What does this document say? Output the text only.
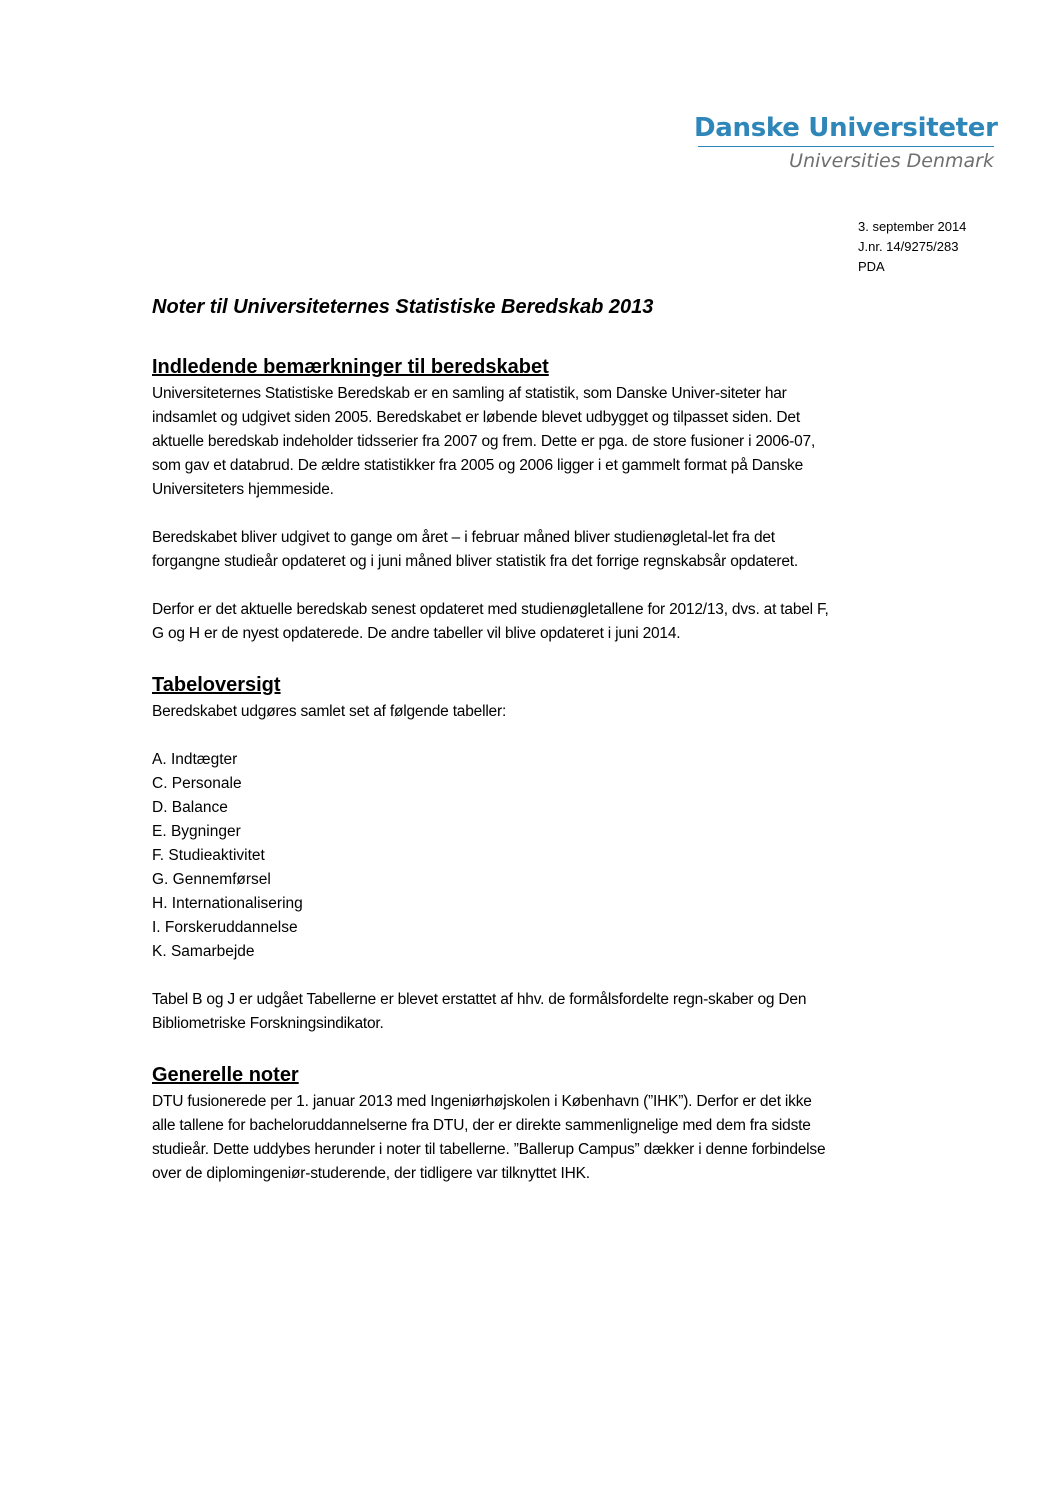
Danske Universiteter
Universities Denmark
3. september 2014
J.nr. 14/9275/283
PDA
Noter til Universiteternes Statistiske Beredskab 2013
Indledende bemærkninger til beredskabet

Universiteternes Statistiske Beredskab er en samling af statistik, som Danske Univer-siteter har indsamlet og udgivet siden 2005. Beredskabet er løbende blevet udbygget og tilpasset siden. Det aktuelle beredskab indeholder tidsserier fra 2007 og frem. Dette er pga. de store fusioner i 2006-07, som gav et databrud. De ældre statistikker fra 2005 og 2006 ligger i et gammelt format på Danske Universiteters hjemmeside.

Beredskabet bliver udgivet to gange om året – i februar måned bliver studienøgletal-let fra det forgangne studieår opdateret og i juni måned bliver statistik fra det forrige regnskabsår opdateret.

Derfor er det aktuelle beredskab senest opdateret med studienøgletallene for 2012/13, dvs. at tabel F, G og H er de nyest opdaterede. De andre tabeller vil blive opdateret i juni 2014.

Tabeloversigt

Beredskabet udgøres samlet set af følgende tabeller:

A. Indtægter
C. Personale
D. Balance
E. Bygninger
F. Studieaktivitet
G. Gennemførsel
H. Internationalisering
I. Forskeruddannelse
K. Samarbejde

Tabel B og J er udgået Tabellerne er blevet erstattet af hhv. de formålsfordelte regn-skaber og Den Bibliometriske Forskningsindikator.

Generelle noter

DTU fusionerede per 1. januar 2013 med Ingeniørhøjskolen i København (”IHK”). Derfor er det ikke alle tallene for bacheloruddannelserne fra DTU, der er direkte sammenlignelige med dem fra sidste studieår. Dette uddybes herunder i noter til tabellerne. ”Ballerup Campus” dækker i denne forbindelse over de diplomingeniør-studerende, der tidligere var tilknyttet IHK.
